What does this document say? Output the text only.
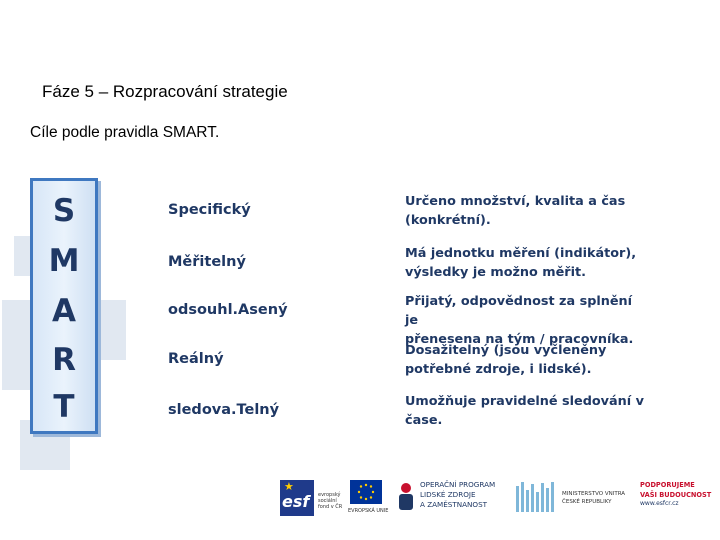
Fáze 5 – Rozpracování strategie
Cíle podle pravidla SMART.
S
M
A
R
T
Specifický
Měřitelný
odsouhl.Asený
Reálný
sledova.Telný
Určeno množství, kvalita a čas
(konkrétní).
Má jednotku měření (indikátor),
výsledky je možno měřit.
Přijatý, odpovědnost za splnění je
přenesena na tým / pracovníka.
Dosažitelný (jsou vyčleněny
potřebné zdroje, i lidské).
Umožňuje pravidelné sledování v
čase.
★
esf evropský
sociální
fond v ČR
EVROPSKÁ UNIE
OPERAČNÍ PROGRAM
LIDSKÉ ZDROJE
A ZAMĚSTNANOST
MINISTERSTVO VNITRA
ČESKÉ REPUBLIKY
PODPORUJEME
VAŠI BUDOUCNOST
www.esfcr.cz
